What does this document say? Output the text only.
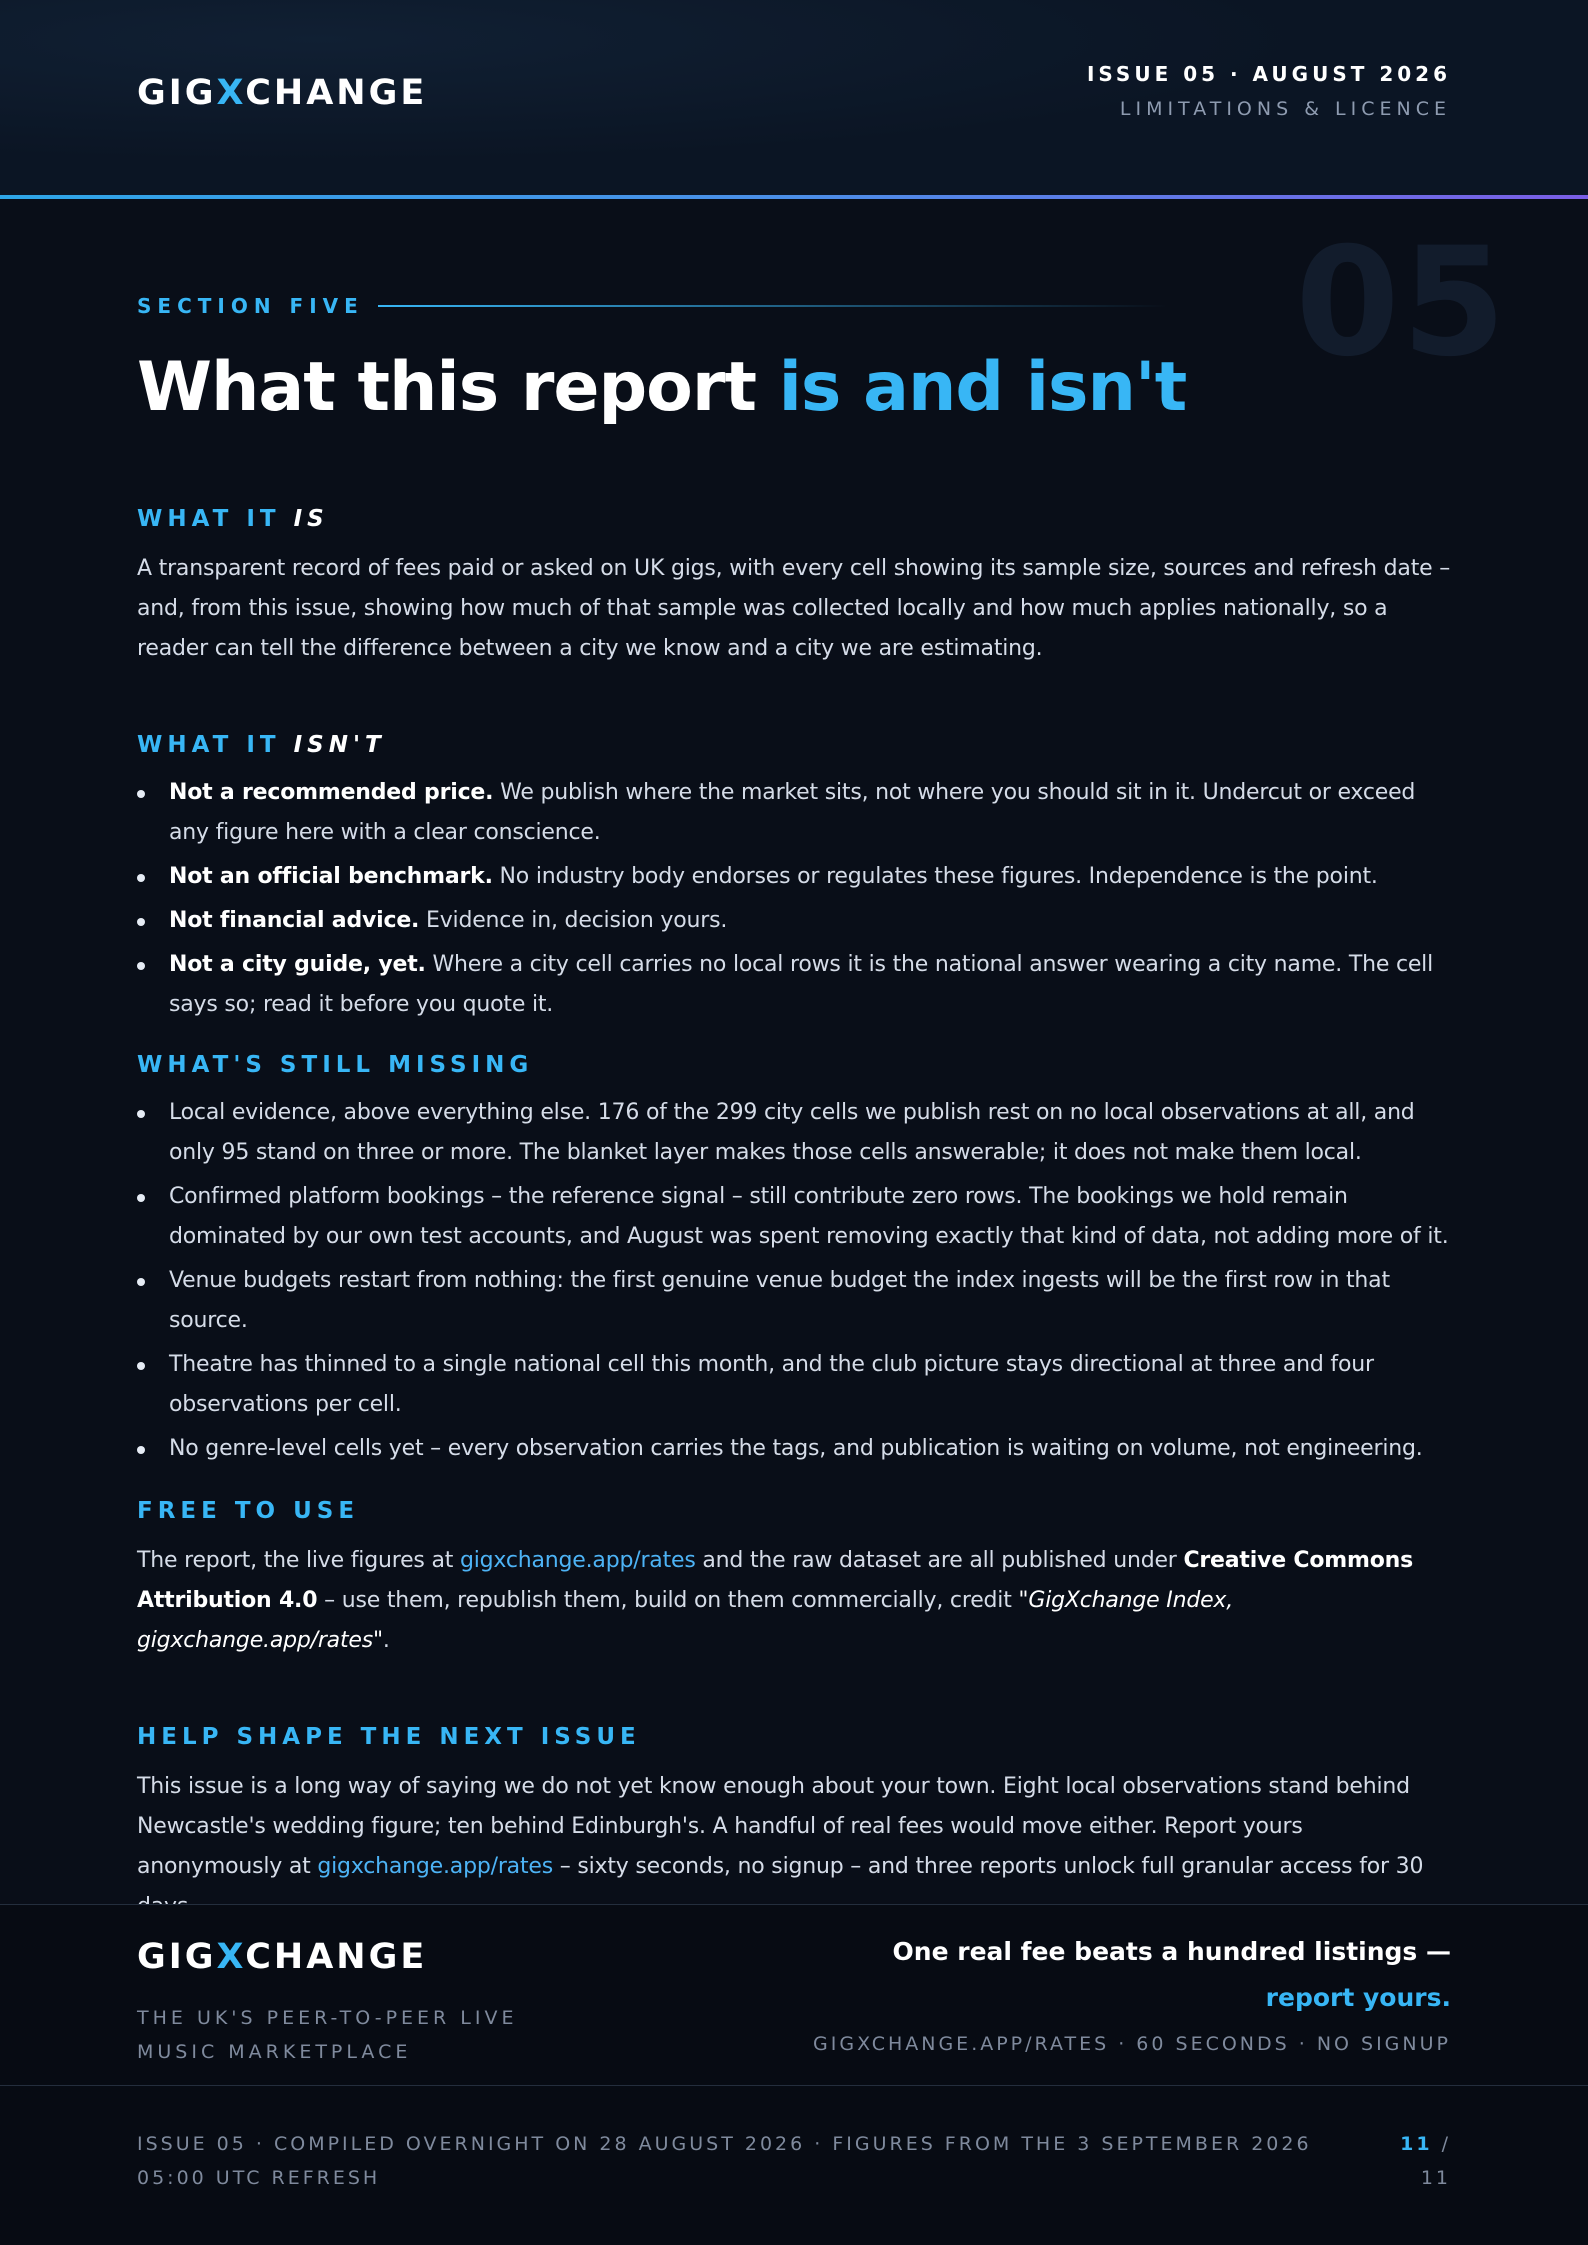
GIGXCHANGE	ISSUE 05 · AUGUST 2026
LIMITATIONS & LICENCE
05
SECTION FIVE
What this report is and isn't
WHAT IT IS

A transparent record of fees paid or asked on UK gigs, with every cell showing its sample size, sources and refresh date – and, from this issue, showing how much of that sample was collected locally and how much applies nationally, so a reader can tell the difference between a city we know and a city we are estimating.

WHAT IT ISN'T
Not a recommended price. We publish where the market sits, not where you should sit in it. Undercut or exceed any figure here with a clear conscience.
Not an official benchmark. No industry body endorses or regulates these figures. Independence is the point.
Not financial advice. Evidence in, decision yours.
Not a city guide, yet. Where a city cell carries no local rows it is the national answer wearing a city name. The cell says so; read it before you quote it.
WHAT'S STILL MISSING
Local evidence, above everything else. 176 of the 299 city cells we publish rest on no local observations at all, and only 95 stand on three or more. The blanket layer makes those cells answerable; it does not make them local.
Confirmed platform bookings – the reference signal – still contribute zero rows. The bookings we hold remain dominated by our own test accounts, and August was spent removing exactly that kind of data, not adding more of it.
Venue budgets restart from nothing: the first genuine venue budget the index ingests will be the first row in that source.
Theatre has thinned to a single national cell this month, and the club picture stays directional at three and four observations per cell.
No genre-level cells yet – every observation carries the tags, and publication is waiting on volume, not engineering.
FREE TO USE

The report, the live figures at gigxchange.app/rates and the raw dataset are all published under Creative Commons Attribution 4.0 – use them, republish them, build on them commercially, credit "GigXchange Index, gigxchange.app/rates".

HELP SHAPE THE NEXT ISSUE

This issue is a long way of saying we do not yet know enough about your town. Eight local observations stand behind Newcastle's wedding figure; ten behind Edinburgh's. A handful of real fees would move either. Report yours anonymously at gigxchange.app/rates – sixty seconds, no signup – and three reports unlock full granular access for 30

GIGXCHANGE
THE UK'S PEER-TO-PEER LIVE MUSIC MARKETPLACE
One real fee beats a hundred listings — report yours.
GIGXCHANGE.APP/RATES · 60 SECONDS · NO SIGNUP
ISSUE 05 · COMPILED OVERNIGHT ON 28 AUGUST 2026 · FIGURES FROM THE 3 SEPTEMBER 2026 05:00 UTC REFRESH
11 / 11
